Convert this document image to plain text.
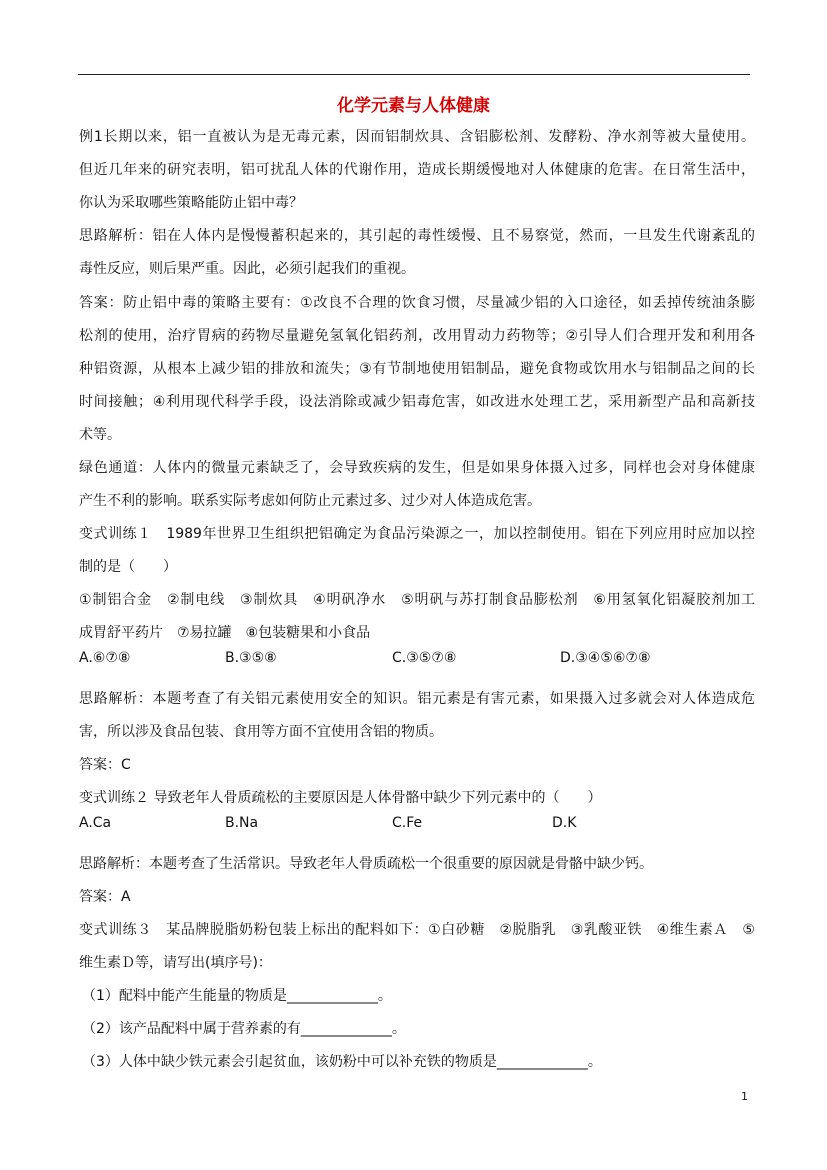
化学元素与人体健康
例1长期以来，铝一直被认为是无毒元素，因而铝制炊具、含铝膨松剂、发酵粉、净水剂等被大量使用。
但近几年来的研究表明，铝可扰乱人体的代谢作用，造成长期缓慢地对人体健康的危害。在日常生活中，
你认为采取哪些策略能防止铝中毒？
思路解析：铝在人体内是慢慢蓄积起来的，其引起的毒性缓慢、且不易察觉，然而，一旦发生代谢紊乱的
毒性反应，则后果严重。因此，必须引起我们的重视。
答案：防止铝中毒的策略主要有：①改良不合理的饮食习惯，尽量减少铝的入口途径，如丢掉传统油条膨
松剂的使用，治疗胃病的药物尽量避免氢氧化铝药剂，改用胃动力药物等；②引导人们合理开发和利用各
种铝资源，从根本上减少铝的排放和流失；③有节制地使用铝制品，避免食物或饮用水与铝制品之间的长
时间接触；④利用现代科学手段，设法消除或减少铝毒危害，如改进水处理工艺，采用新型产品和高新技
术等。
绿色通道：人体内的微量元素缺乏了，会导致疾病的发生，但是如果身体摄入过多，同样也会对身体健康
产生不利的影响。联系实际考虑如何防止元素过多、过少对人体造成危害。
变式训练１　1989年世界卫生组织把铝确定为食品污染源之一，加以控制使用。铝在下列应用时应加以控
制的是（　　）
①制铝合金　②制电线　③制炊具　④明矾净水　⑤明矾与苏打制食品膨松剂　⑥用氢氧化铝凝胶剂加工
成胃舒平药片　⑦易拉罐　⑧包装糖果和小食品
思路解析：本题考查了有关铝元素使用安全的知识。铝元素是有害元素，如果摄入过多就会对人体造成危
害，所以涉及食品包装、食用等方面不宜使用含铝的物质。
答案：C
变式训练２ 导致老年人骨质疏松的主要原因是人体骨骼中缺少下列元素中的（　　）
思路解析：本题考查了生活常识。导致老年人骨质疏松一个很重要的原因就是骨骼中缺少钙。
答案：A
变式训练３　某品牌脱脂奶粉包装上标出的配料如下：①白砂糖　②脱脂乳　③乳酸亚铁　④维生素Ａ　⑤
维生素Ｄ等，请写出(填序号)：
（1）配料中能产生能量的物质是_____________。
（2）该产品配料中属于营养素的有_____________。
（3）人体中缺少铁元素会引起贫血，该奶粉中可以补充铁的物质是_____________。
A.⑥⑦⑧	B.③⑤⑧	C.③⑤⑦⑧	D.③④⑤⑥⑦⑧
A.Ca	B.Na	C.Fe	D.K
1
